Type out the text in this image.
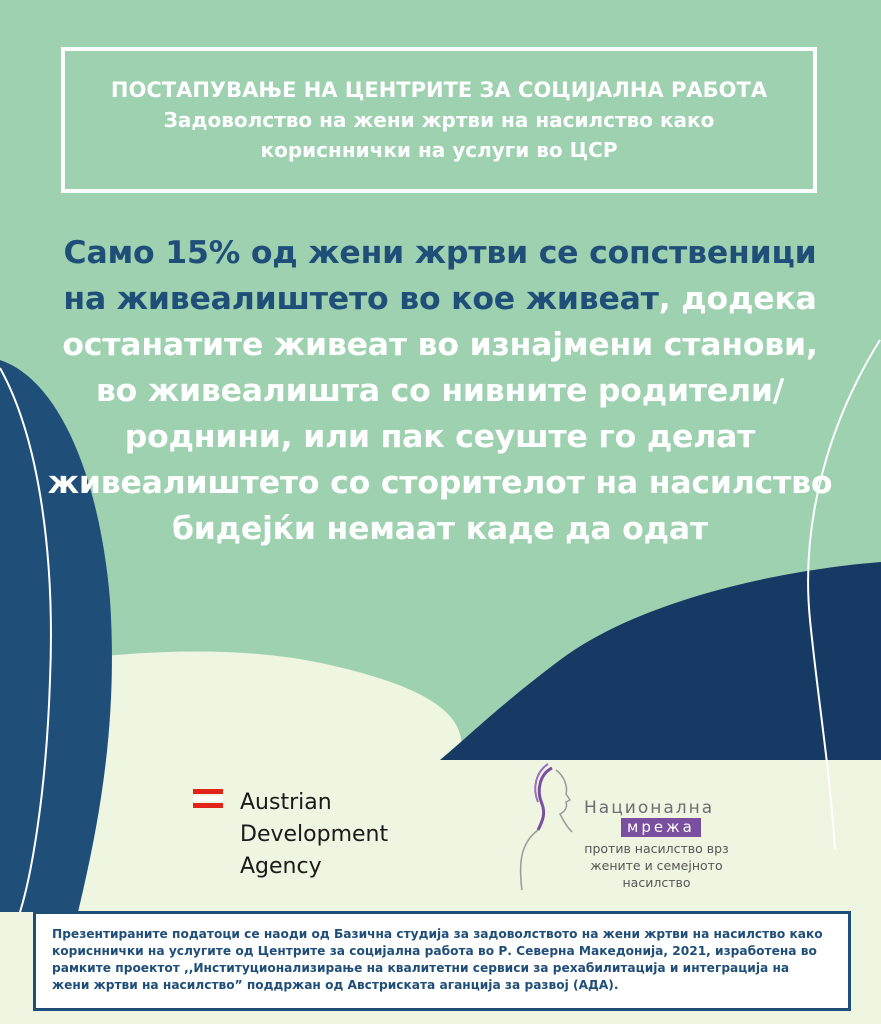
ПОСТАПУВАЊЕ НА ЦЕНТРИТЕ ЗА СОЦИЈАЛНА РАБОТА
Задоволство на жени жртви на насилство како
корисннички на услуги во ЦСР
Само 15% од жени жртви се сопственици на живеалиштето во кое живеат, додека останатите живеат во изнајмени станови, во живеалишта со нивните родители/ роднини, или пак сеуште го делат живеалиштето со сторителот на насилство бидејќи немаат каде да одат
Austrian
Development
Agency
Национална
мрежа
против насилство врз жените и семејното насилство
Презентираните податоци се наоди од Базична студија за задоволството на жени жртви на насилство како корисннички на услугите од Центрите за социјална работа во Р. Северна Македонија, 2021, изработена во рамките проектот ,,Институционализирање на квалитетни сервиси за рехабилитација и интеграција на жени жртви на насилство” поддржан од Австриската аганција за развој (АДА).
